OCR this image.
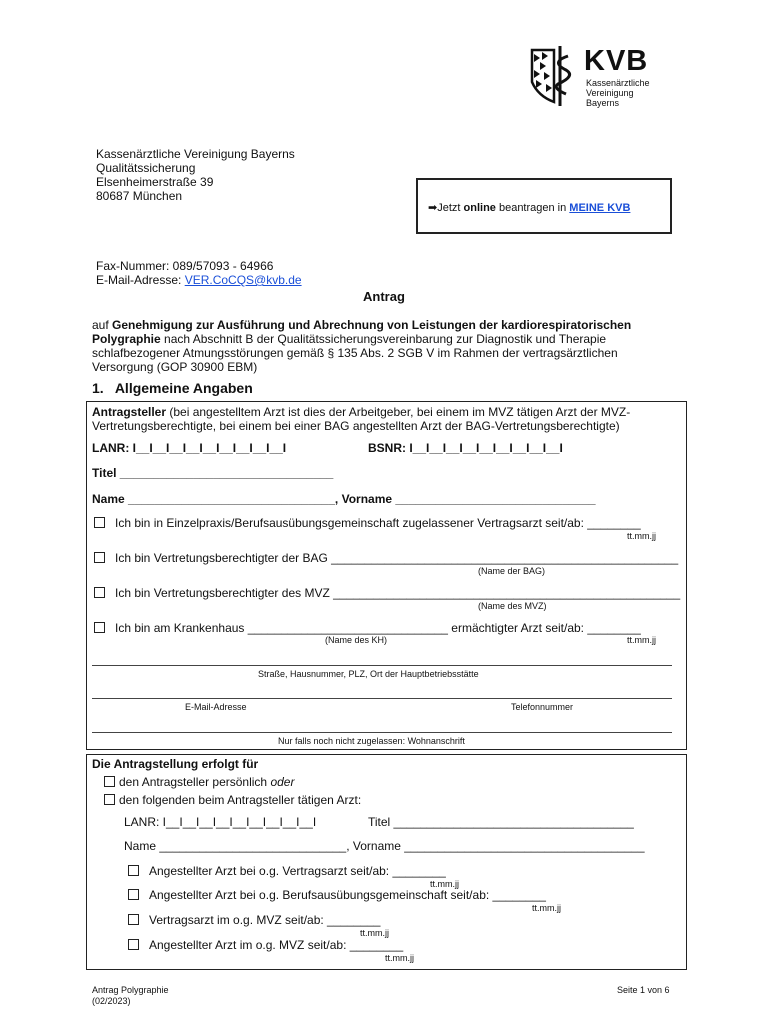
KVB
Kassenärztliche
Vereinigung
Bayerns
Kassenärztliche Vereinigung Bayerns
Qualitätssicherung
Elsenheimerstraße 39
80687 München
➡Jetzt online beantragen in MEINE KVB
Fax-Nummer: 089/57093 - 64966
E-Mail-Adresse: VER.CoCQS@kvb.de
Antrag
auf Genehmigung zur Ausführung und Abrechnung von Leistungen der kardiorespiratorischen
Polygraphie nach Abschnitt B der Qualitätssicherungsvereinbarung zur Diagnostik und Therapie
schlafbezogener Atmungsstörungen gemäß § 135 Abs. 2 SGB V im Rahmen der vertragsärztlichen
Versorgung (GOP 30900 EBM)
1.   Allgemeine Angaben
Antragsteller (bei angestelltem Arzt ist dies der Arbeitgeber, bei einem im MVZ tätigen Arzt der MVZ-
Vertretungsberechtigte, bei einem bei einer BAG angestellten Arzt der BAG-Vertretungsberechtigte)
LANR: I__I__I__I__I__I__I__I__I__I	BSNR: I__I__I__I__I__I__I__I__I__I
Titel ________________________________
Name _______________________________, Vorname ______________________________
Ich bin in Einzelpraxis/Berufsausübungsgemeinschaft zugelassener Vertragsarzt seit/ab: ________
tt.mm.jj
Ich bin Vertretungsberechtigter der BAG ____________________________________________________
(Name der BAG)
Ich bin Vertretungsberechtigter des MVZ ____________________________________________________
(Name des MVZ)
Ich bin am Krankenhaus ______________________________ ermächtigter Arzt seit/ab: ________
(Name des KH)	tt.mm.jj
Straße, Hausnummer, PLZ, Ort der Hauptbetriebsstätte
E-Mail-Adresse	Telefonnummer
Nur falls noch nicht zugelassen: Wohnanschrift
Die Antragstellung erfolgt für
den Antragsteller persönlich oder
den folgenden beim Antragsteller tätigen Arzt:
LANR: I__I__I__I__I__I__I__I__I__I	Titel ____________________________________
Name ____________________________, Vorname ____________________________________
Angestellter Arzt bei o.g. Vertragsarzt seit/ab: ________
tt.mm.jj
Angestellter Arzt bei o.g. Berufsausübungsgemeinschaft seit/ab: ________
tt.mm.jj
Vertragsarzt im o.g. MVZ seit/ab: ________
tt.mm.jj
Angestellter Arzt im o.g. MVZ seit/ab: ________
tt.mm.jj
Antrag Polygraphie
(02/2023)
Seite 1 von 6
